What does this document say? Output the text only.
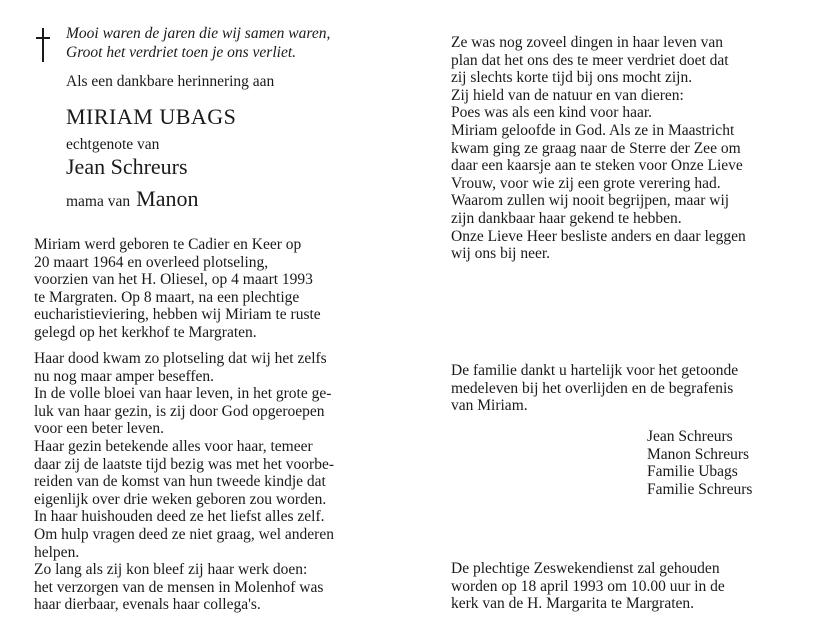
Mooi waren de jaren die wij samen waren,
Groot het verdriet toen je ons verliet.
Als een dankbare herinnering aan
MIRIAM UBAGS
echtgenote van
Jean Schreurs
mama van Manon
Miriam werd geboren te Cadier en Keer op
20 maart 1964 en overleed plotseling,
voorzien van het H. Oliesel, op 4 maart 1993
te Margraten. Op 8 maart, na een plechtige
eucharistieviering, hebben wij Miriam te ruste
gelegd op het kerkhof te Margraten.
Haar dood kwam zo plotseling dat wij het zelfs
nu nog maar amper beseffen.
In de volle bloei van haar leven, in het grote ge-
luk van haar gezin, is zij door God opgeroepen
voor een beter leven.
Haar gezin betekende alles voor haar, temeer
daar zij de laatste tijd bezig was met het voorbe-
reiden van de komst van hun tweede kindje dat
eigenlijk over drie weken geboren zou worden.
In haar huishouden deed ze het liefst alles zelf.
Om hulp vragen deed ze niet graag, wel anderen
helpen.
Zo lang als zij kon bleef zij haar werk doen:
het verzorgen van de mensen in Molenhof was
haar dierbaar, evenals haar collega's.
Ze was nog zoveel dingen in haar leven van
plan dat het ons des te meer verdriet doet dat
zij slechts korte tijd bij ons mocht zijn.
Zij hield van de natuur en van dieren:
Poes was als een kind voor haar.
Miriam geloofde in God. Als ze in Maastricht
kwam ging ze graag naar de Sterre der Zee om
daar een kaarsje aan te steken voor Onze Lieve
Vrouw, voor wie zij een grote verering had.
Waarom zullen wij nooit begrijpen, maar wij
zijn dankbaar haar gekend te hebben.
Onze Lieve Heer besliste anders en daar leggen
wij ons bij neer.
De familie dankt u hartelijk voor het getoonde
medeleven bij het overlijden en de begrafenis
van Miriam.
Jean Schreurs
Manon Schreurs
Familie Ubags
Familie Schreurs
De plechtige Zeswekendienst zal gehouden
worden op 18 april 1993 om 10.00 uur in de
kerk van de H. Margarita te Margraten.
